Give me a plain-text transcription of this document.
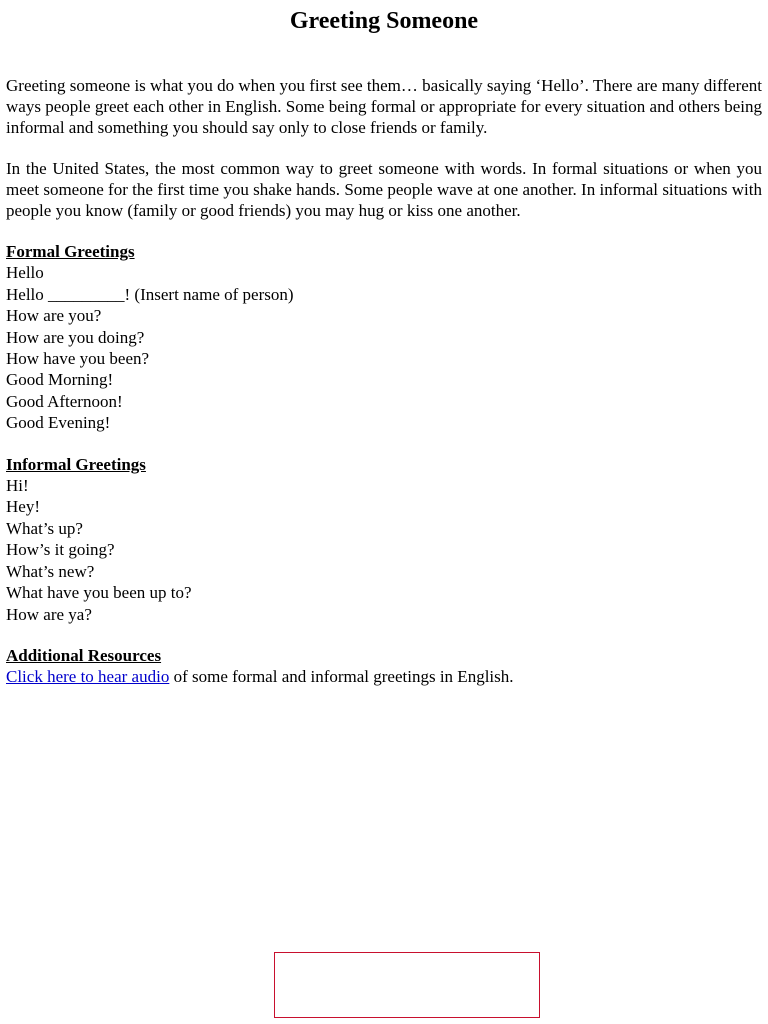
Greeting Someone

Greeting someone is what you do when you first see them… basically saying ‘Hello’. There are many different ways people greet each other in English. Some being formal or appropriate for every situation and others being informal and something you should say only to close friends or family.

In the United States, the most common way to greet someone with words. In formal situations or when you meet someone for the first time you shake hands. Some people wave at one another. In informal situations with people you know (family or good friends) you may hug or kiss one another.

Formal Greetings
Hello
Hello _________! (Insert name of person)
How are you?
How are you doing?
How have you been?
Good Morning!
Good Afternoon!
Good Evening!
Informal Greetings
Hi!
Hey!
What’s up?
How’s it going?
What’s new?
What have you been up to?
How are ya?
Additional Resources
Click here to hear audio of some formal and informal greetings in English.
